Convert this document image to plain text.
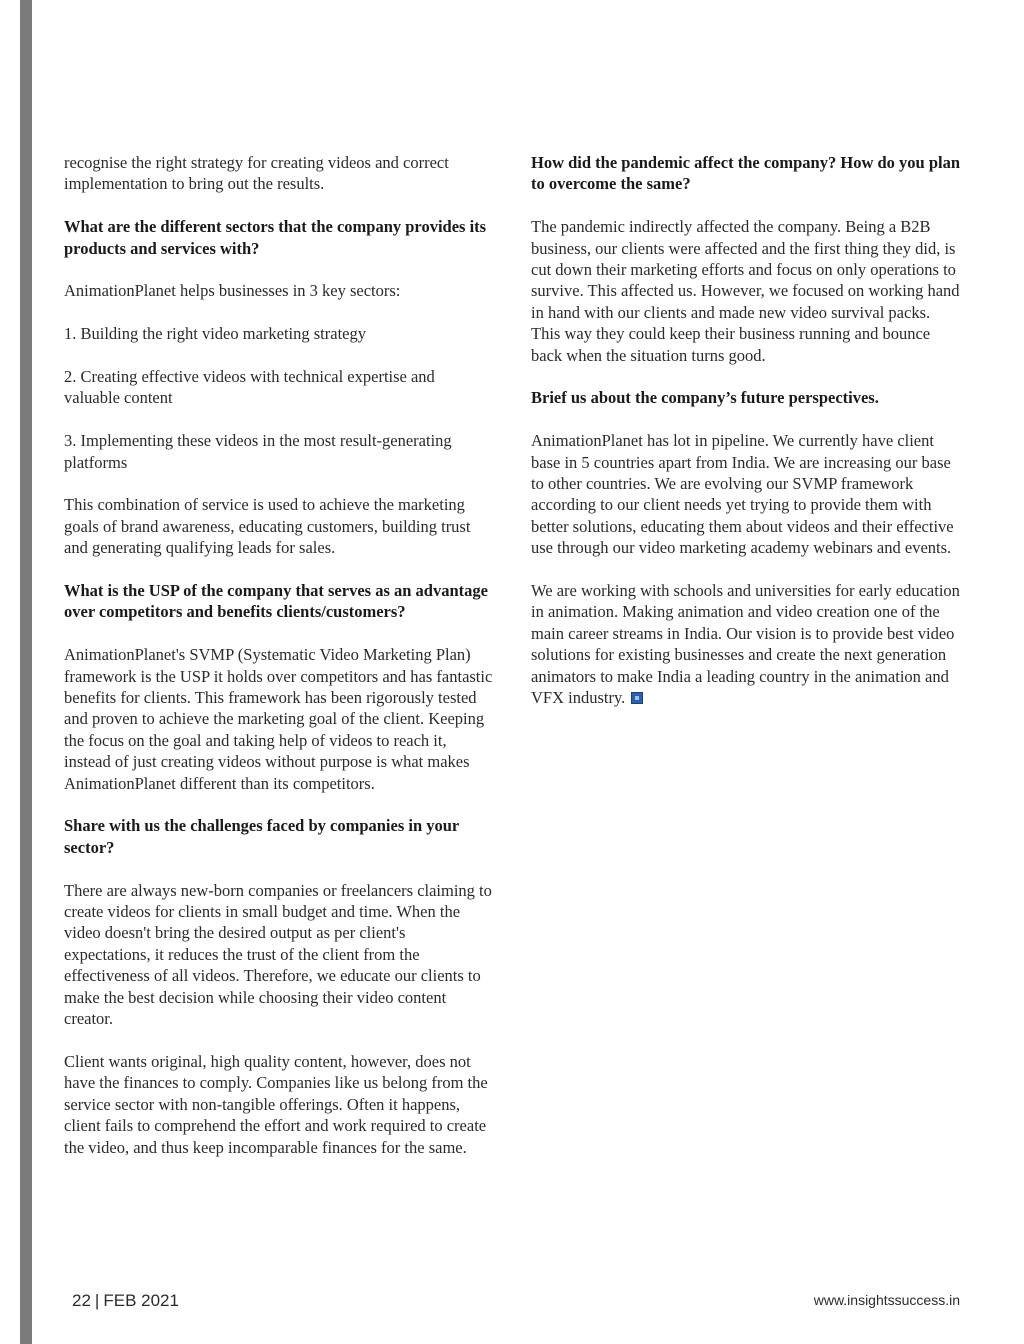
recognise the right strategy for creating videos and correct implementation to bring out the results.

What are the different sectors that the company provides its products and services with?

AnimationPlanet helps businesses in 3 key sectors:

1. Building the right video marketing strategy

2. Creating effective videos with technical expertise and valuable content

3. Implementing these videos in the most result-generating platforms

This combination of service is used to achieve the marketing goals of brand awareness, educating customers, building trust and generating qualifying leads for sales.

What is the USP of the company that serves as an advantage over competitors and benefits clients/customers?

AnimationPlanet's SVMP (Systematic Video Marketing Plan) framework is the USP it holds over competitors and has fantastic benefits for clients. This framework has been rigorously tested and proven to achieve the marketing goal of the client. Keeping the focus on the goal and taking help of videos to reach it, instead of just creating videos without purpose is what makes AnimationPlanet different than its competitors.

Share with us the challenges faced by companies in your sector?

There are always new-born companies or freelancers claiming to create videos for clients in small budget and time. When the video doesn't bring the desired output as per client's expectations, it reduces the trust of the client from the effectiveness of all videos. Therefore, we educate our clients to make the best decision while choosing their video content creator.

Client wants original, high quality content, however, does not have the finances to comply. Companies like us belong from the service sector with non-tangible offerings. Often it happens, client fails to comprehend the effort and work required to create the video, and thus keep incomparable finances for the same.

How did the pandemic affect the company? How do you plan to overcome the same?

The pandemic indirectly affected the company. Being a B2B business, our clients were affected and the first thing they did, is cut down their marketing efforts and focus on only operations to survive. This affected us. However, we focused on working hand in hand with our clients and made new video survival packs. This way they could keep their business running and bounce back when the situation turns good.

Brief us about the company’s future perspectives.

AnimationPlanet has lot in pipeline. We currently have client base in 5 countries apart from India. We are increasing our base to other countries. We are evolving our SVMP framework according to our client needs yet trying to provide them with better solutions, educating them about videos and their effective use through our video marketing academy webinars and events.

We are working with schools and universities for early education in animation. Making animation and video creation one of the main career streams in India. Our vision is to provide best video solutions for existing businesses and create the next generation animators to make India a leading country in the animation and VFX industry.

22 | FEB 2021	www.insightssuccess.in
